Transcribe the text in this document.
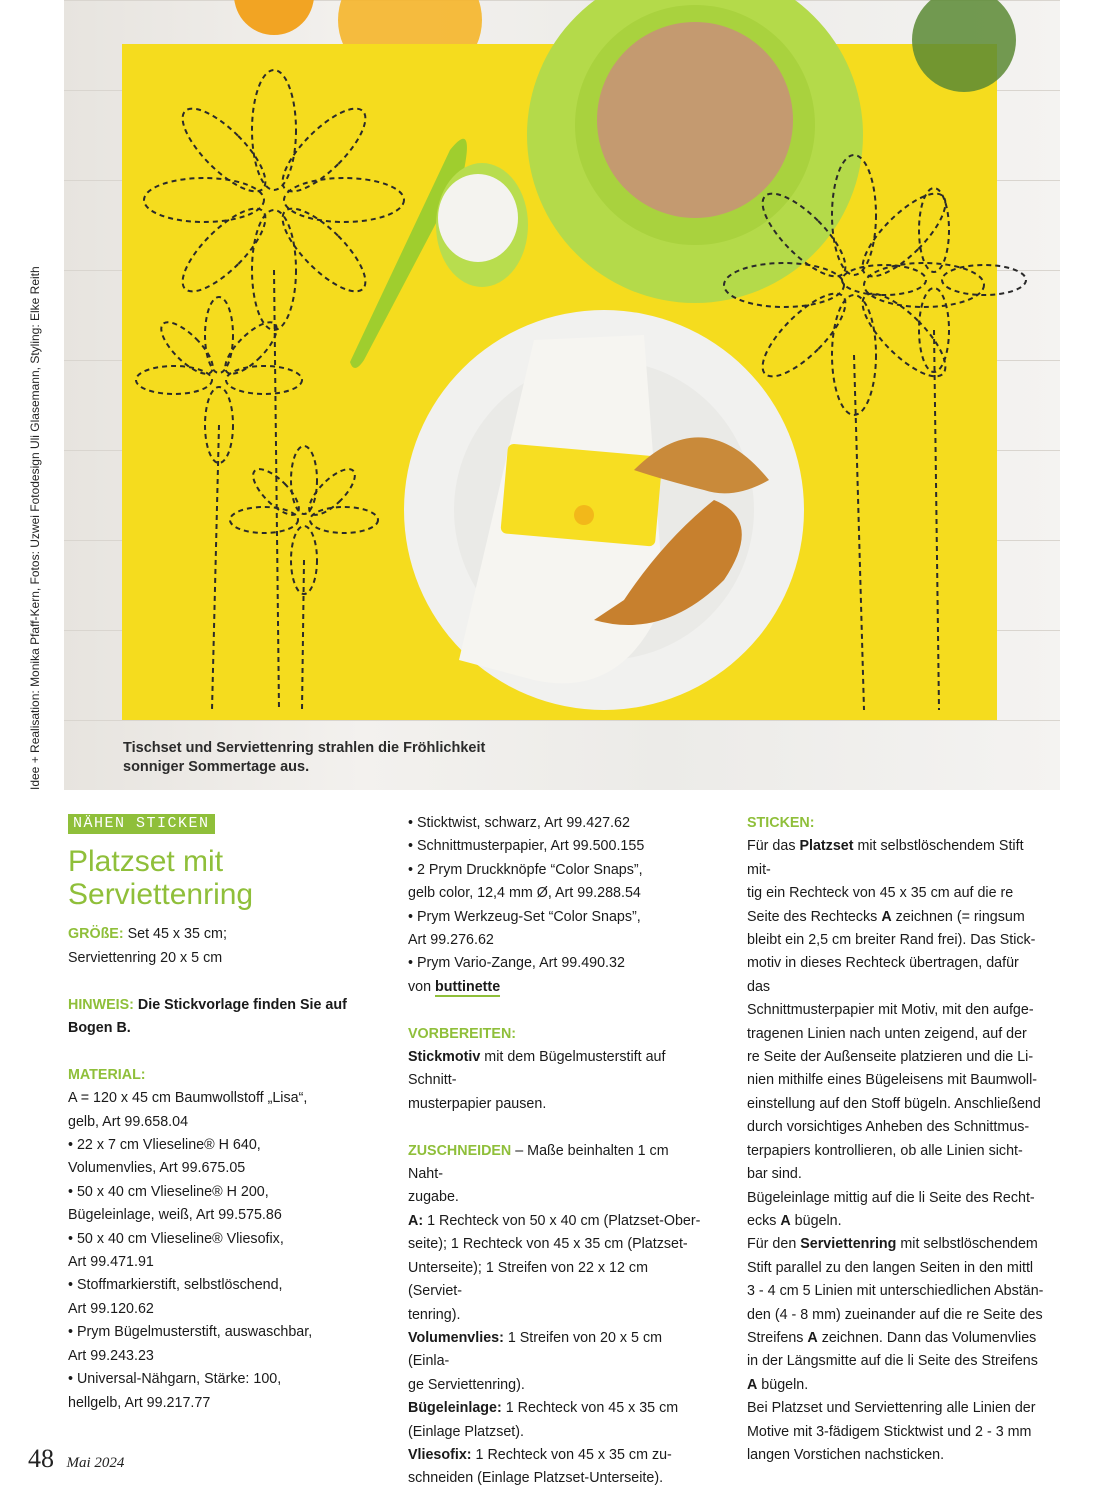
Tischset und Serviettenring strahlen die Fröhlichkeit
sonniger Sommertage aus.
Idee + Realisation: Monika Pfaff-Kern, Fotos: Uzwei Fotodesign Uli Glasemann, Styling: Elke Reith
NÄHEN STICKEN
Platzset mit
Serviettenring

GRÖßE: Set 45 x 35 cm;

Serviettenring 20 x 5 cm

HINWEIS: Die Stickvorlage finden Sie auf

Bogen B.

MATERIAL:

A = 120 x 45 cm Baumwollstoff „Lisa“,

gelb, Art 99.658.04

• 22 x 7 cm Vlieseline® H 640,

Volumenvlies, Art 99.675.05

• 50 x 40 cm Vlieseline® H 200,

Bügeleinlage, weiß, Art 99.575.86

• 50 x 40 cm Vlieseline® Vliesofix,

Art 99.471.91

• Stoffmarkierstift, selbstlöschend,

Art 99.120.62

• Prym Bügelmusterstift, auswaschbar,

Art 99.243.23

• Universal-Nähgarn, Stärke: 100,

hellgelb, Art 99.217.77

• Sticktwist, schwarz, Art 99.427.62

• Schnittmusterpapier, Art 99.500.155

• 2 Prym Druckknöpfe “Color Snaps”,

gelb color, 12,4 mm Ø, Art 99.288.54

• Prym Werkzeug-Set “Color Snaps”,

Art 99.276.62

• Prym Vario-Zange, Art 99.490.32

von buttinette

VORBEREITEN:

Stickmotiv mit dem Bügelmusterstift auf Schnitt-

musterpapier pausen.

ZUSCHNEIDEN – Maße beinhalten 1 cm Naht-

zugabe.

A: 1 Rechteck von 50 x 40 cm (Platzset-Ober-

seite); 1 Rechteck von 45 x 35 cm (Platzset-

Unterseite); 1 Streifen von 22 x 12 cm (Serviet-

tenring).

Volumenvlies: 1 Streifen von 20 x 5 cm (Einla-

ge Serviettenring).

Bügeleinlage: 1 Rechteck von 45 x 35 cm

(Einlage Platzset).

Vliesofix: 1 Rechteck von 45 x 35 cm zu-

schneiden (Einlage Platzset-Unterseite).

STICKEN:

Für das Platzset mit selbstlöschendem Stift mit-

tig ein Rechteck von 45 x 35 cm auf die re

Seite des Rechtecks A zeichnen (= ringsum

bleibt ein 2,5 cm breiter Rand frei). Das Stick-

motiv in dieses Rechteck übertragen, dafür das

Schnittmusterpapier mit Motiv, mit den aufge-

tragenen Linien nach unten zeigend, auf der

re Seite der Außenseite platzieren und die Li-

nien mithilfe eines Bügeleisens mit Baumwoll-

einstellung auf den Stoff bügeln. Anschließend

durch vorsichtiges Anheben des Schnittmus-

terpapiers kontrollieren, ob alle Linien sicht-

bar sind.

Bügeleinlage mittig auf die li Seite des Recht-

ecks A bügeln.

Für den Serviettenring mit selbstlöschendem

Stift parallel zu den langen Seiten in den mittl

3 - 4 cm 5 Linien mit unterschiedlichen Abstän-

den (4 - 8 mm) zueinander auf die re Seite des

Streifens A zeichnen. Dann das Volumenvlies

in der Längsmitte auf die li Seite des Streifens

A bügeln.

Bei Platzset und Serviettenring alle Linien der

Motive mit 3-fädigem Sticktwist und 2 - 3 mm

langen Vorstichen nachsticken.

48 Mai 2024
